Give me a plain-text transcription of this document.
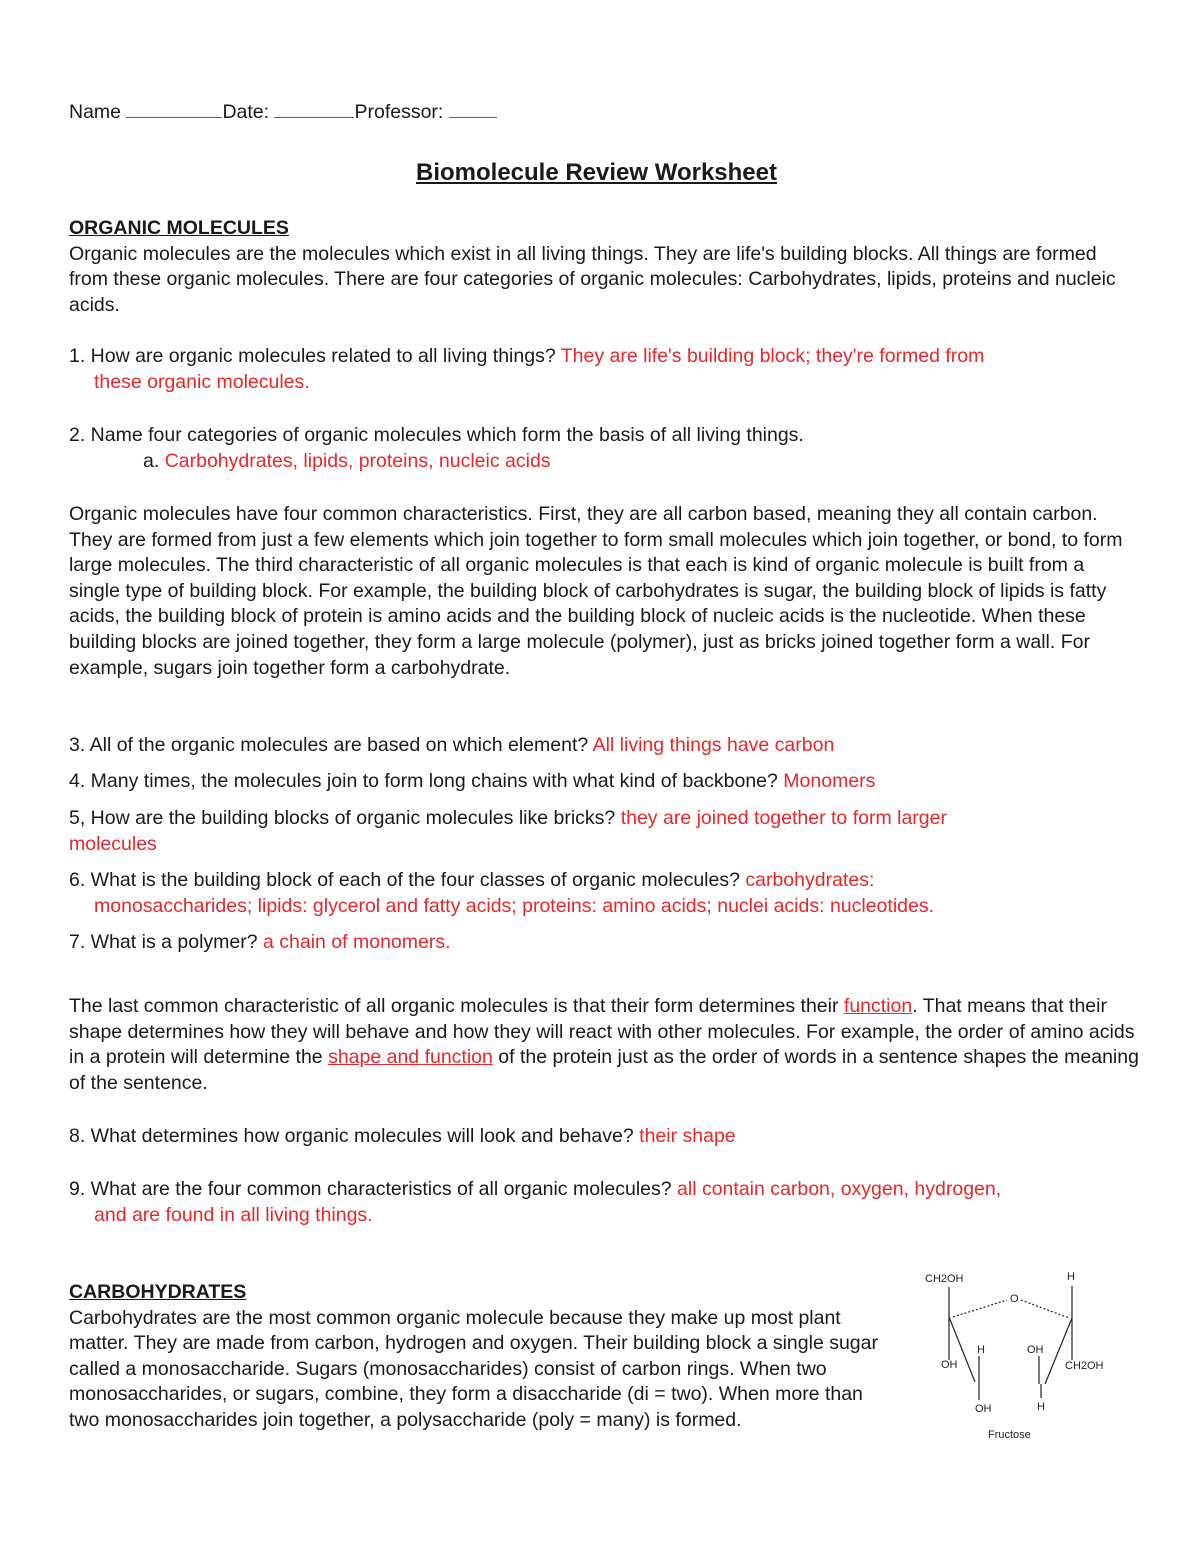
Name	Date:	Professor:
Biomolecule Review Worksheet
ORGANIC MOLECULES
Organic molecules are the molecules which exist in all living things. They are life's building blocks. All things are formed from these organic molecules. There are four categories of organic molecules: Carbohydrates, lipids, proteins and nucleic acids.
1. How are organic molecules related to all living things? They are life's building block; they're formed from
these organic molecules.
2. Name four categories of organic molecules which form the basis of all living things.
a. Carbohydrates, lipids, proteins, nucleic acids
Organic molecules have four common characteristics. First, they are all carbon based, meaning they all contain carbon. They are formed from just a few elements which join together to form small molecules which join together, or bond, to form large molecules. The third characteristic of all organic molecules is that each is kind of organic molecule is built from a single type of building block. For example, the building block of carbohydrates is sugar, the building block of lipids is fatty acids, the building block of protein is amino acids and the building block of nucleic acids is the nucleotide. When these building blocks are joined together, they form a large molecule (polymer), just as bricks joined together form a wall. For example, sugars join together form a carbohydrate.
3. All of the organic molecules are based on which element? All living things have carbon
4. Many times, the molecules join to form long chains with what kind of backbone? Monomers
5, How are the building blocks of organic molecules like bricks? they are joined together to form larger
molecules
6. What is the building block of each of the four classes of organic molecules? carbohydrates:
monosaccharides; lipids: glycerol and fatty acids; proteins: amino acids; nuclei acids: nucleotides.
7. What is a polymer? a chain of monomers.
The last common characteristic of all organic molecules is that their form determines their function. That means that their shape determines how they will behave and how they will react with other molecules. For example, the order of amino acids in a protein will determine the shape and function of the protein just as the order of words in a sentence shapes the meaning of the sentence.
8. What determines how organic molecules will look and behave? their shape
9. What are the four common characteristics of all organic molecules? all contain carbon, oxygen, hydrogen,
and are found in all living things.
CARBOHYDRATES
Carbohydrates are the most common organic molecule because they make up most plant matter. They are made from carbon, hydrogen and oxygen. Their building block a single sugar called a monosaccharide. Sugars (monosaccharides) consist of carbon rings. When two monosaccharides, or sugars, combine, they form a disaccharide (di = two). When more than two monosaccharides join together, a polysaccharide (poly = many) is formed.
CH2OH	H
O
H	OH
OH	CH2OH
OH	H
Fructose
